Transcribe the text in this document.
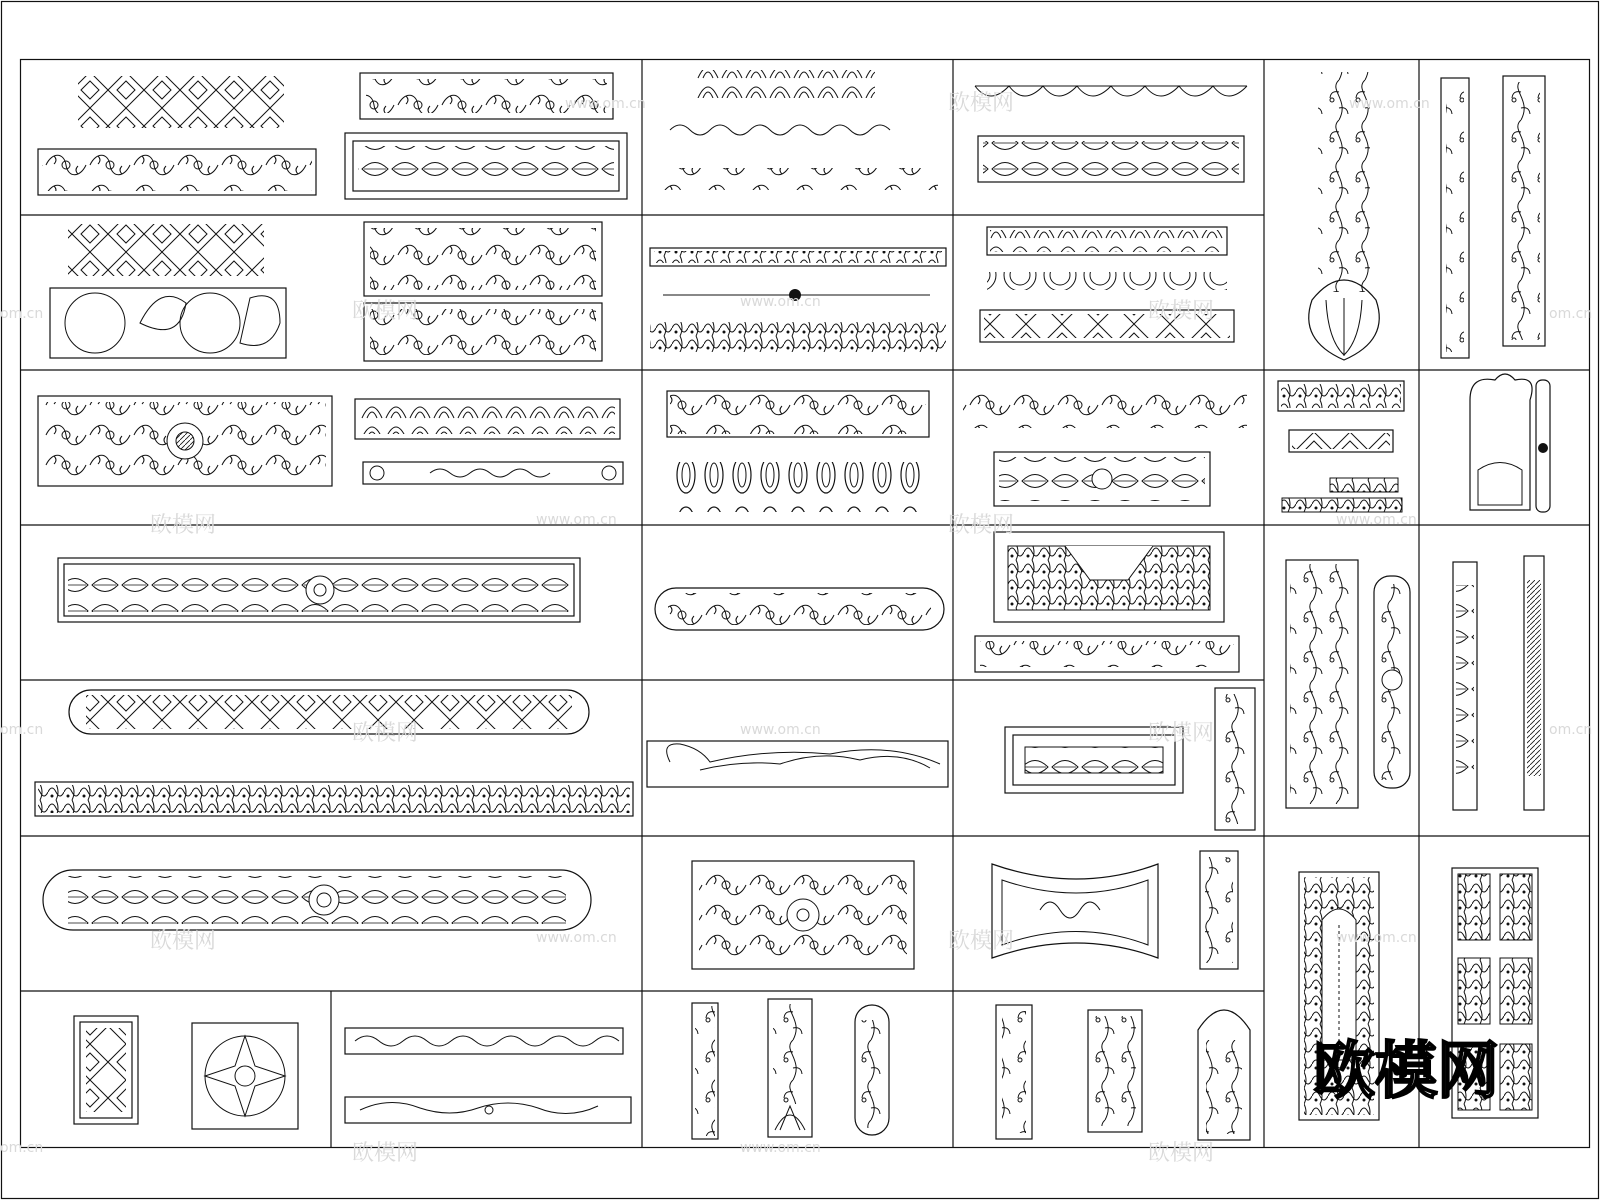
欧模网
www.om.cn	www.om.cn
欧模网	www.om.cn	欧模网
om.cn	om.cn
欧模网	www.om.cn	欧模网	www.om.cn
欧模网	www.om.cn	欧模网
om.cn	om.cn
欧模网	www.om.cn	欧模网	www.om.cn
欧模网	www.om.cn	欧模网
om.cn
欧模网
